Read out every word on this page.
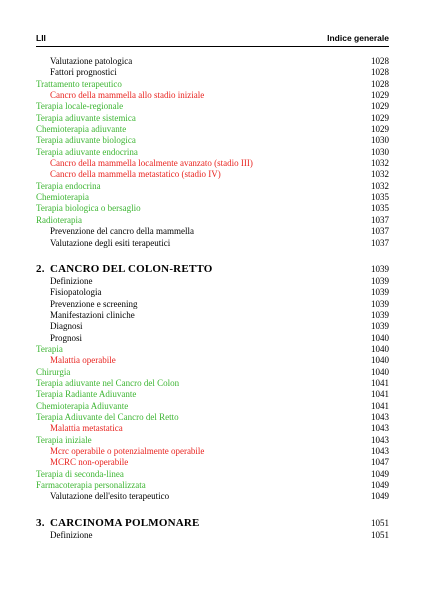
LII	Indice generale
Valutazione patologica	1028
Fattori prognostici	1028
Trattamento terapeutico	1028
Cancro della mammella allo stadio iniziale	1029
Terapia locale-regionale	1029
Terapia adiuvante sistemica	1029
Chemioterapia adiuvante	1029
Terapia adiuvante biologica	1030
Terapia adiuvante endocrina	1030
Cancro della mammella localmente avanzato (stadio III)	1032
Cancro della mammella metastatico (stadio IV)	1032
Terapia endocrina	1032
Chemioterapia	1035
Terapia biologica o bersaglio	1035
Radioterapia	1037
Prevenzione del cancro della mammella	1037
Valutazione degli esiti terapeutici	1037
2. CANCRO DEL COLON-RETTO	1039
Definizione	1039
Fisiopatologia	1039
Prevenzione e screening	1039
Manifestazioni cliniche	1039
Diagnosi	1039
Prognosi	1040
Terapia	1040
Malattia operabile	1040
Chirurgia	1040
Terapia adiuvante nel Cancro del Colon	1041
Terapia Radiante Adiuvante	1041
Chemioterapia Adiuvante	1041
Terapia Adiuvante del Cancro del Retto	1043
Malattia metastatica	1043
Terapia iniziale	1043
Mcrc operabile o potenzialmente operabile	1043
MCRC non-operabile	1047
Terapia di seconda-linea	1049
Farmacoterapia personalizzata	1049
Valutazione dell'esito terapeutico	1049
3. CARCINOMA POLMONARE	1051
Definizione	1051
